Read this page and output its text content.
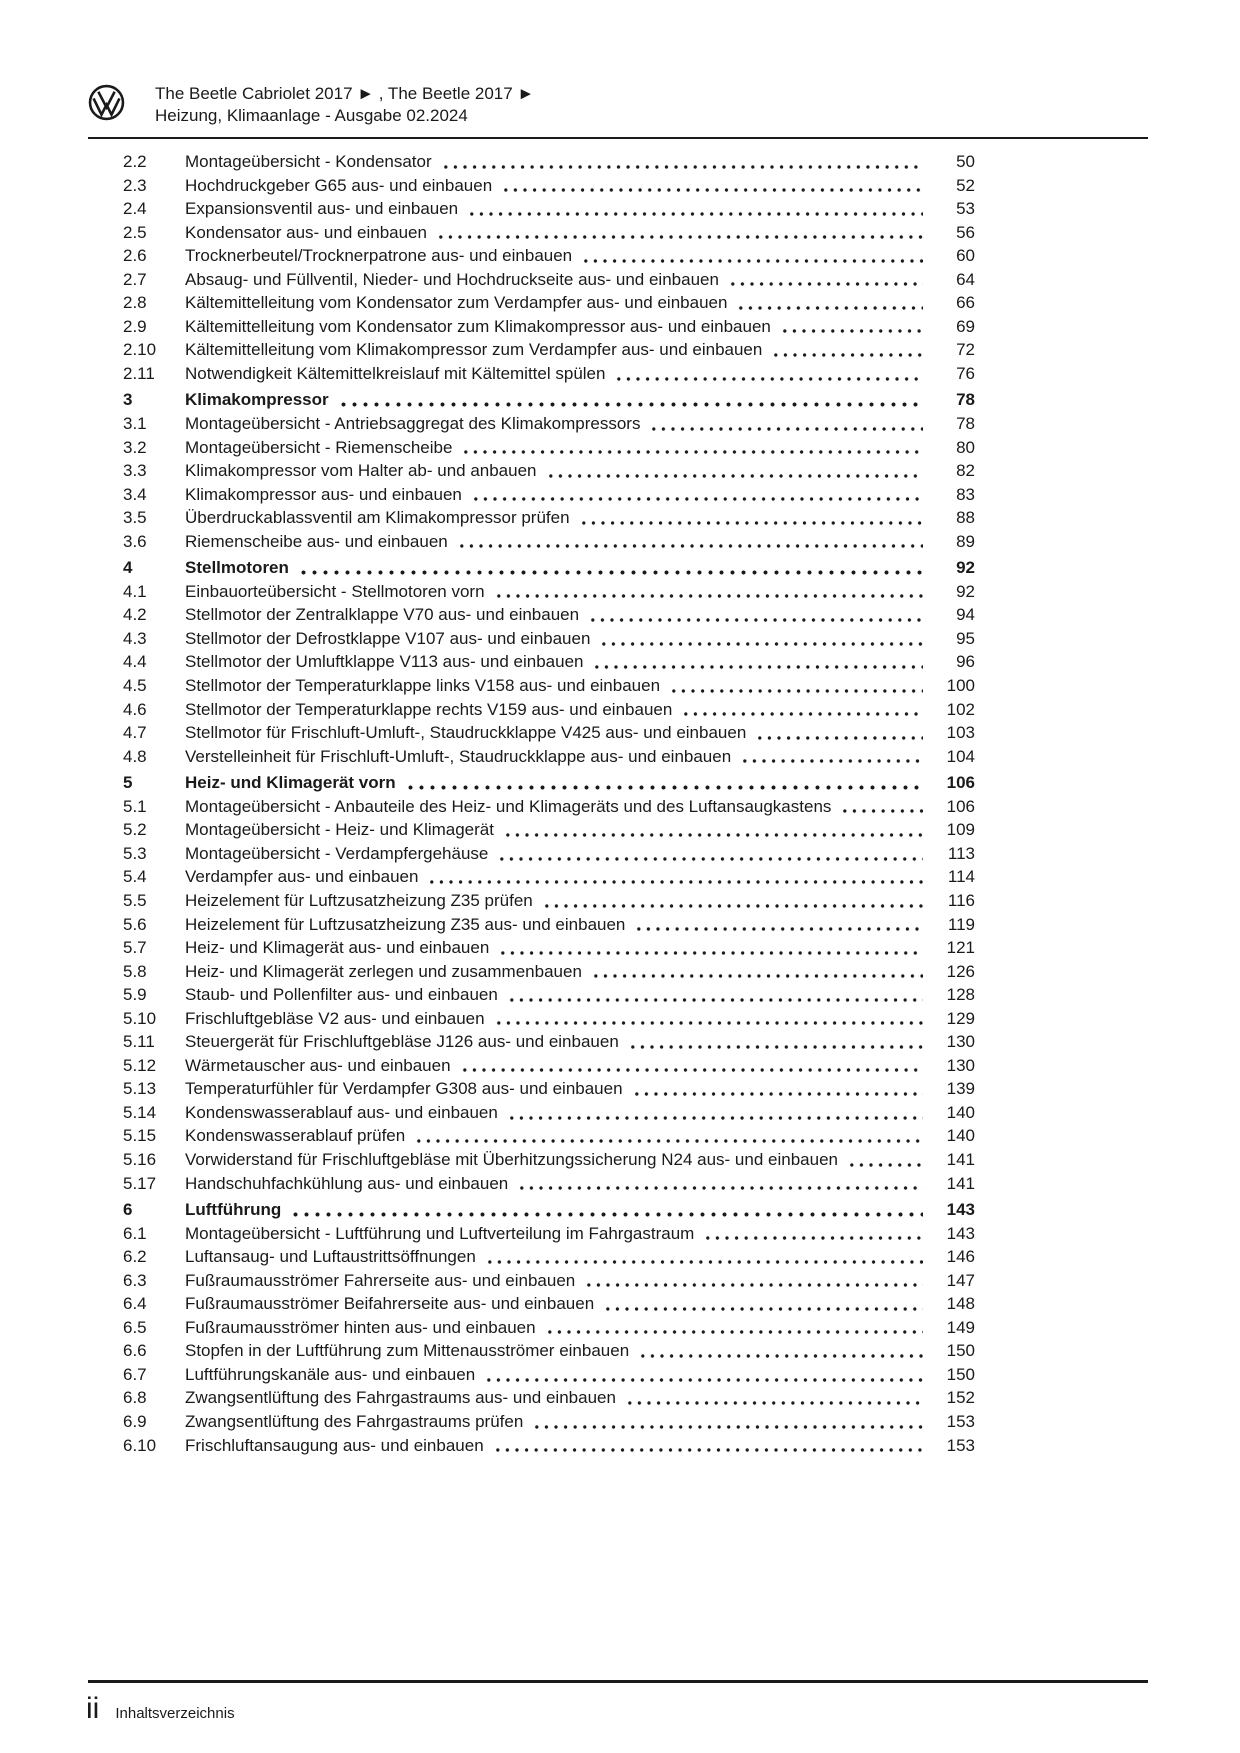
The Beetle Cabriolet 2017 ► , The Beetle 2017 ►
Heizung, Klimaanlage - Ausgabe 02.2024
2.2	Montageübersicht - Kondensator	50
2.3	Hochdruckgeber G65 aus- und einbauen	52
2.4	Expansionsventil aus- und einbauen	53
2.5	Kondensator aus- und einbauen	56
2.6	Trocknerbeutel/Trocknerpatrone aus- und einbauen	60
2.7	Absaug- und Füllventil, Nieder- und Hochdruckseite aus- und einbauen	64
2.8	Kältemittelleitung vom Kondensator zum Verdampfer aus- und einbauen	66
2.9	Kältemittelleitung vom Kondensator zum Klimakompressor aus- und einbauen	69
2.10	Kältemittelleitung vom Klimakompressor zum Verdampfer aus- und einbauen	72
2.11	Notwendigkeit Kältemittelkreislauf mit Kältemittel spülen	76
3	Klimakompressor	78
3.1	Montageübersicht - Antriebsaggregat des Klimakompressors	78
3.2	Montageübersicht - Riemenscheibe	80
3.3	Klimakompressor vom Halter ab- und anbauen	82
3.4	Klimakompressor aus- und einbauen	83
3.5	Überdruckablassventil am Klimakompressor prüfen	88
3.6	Riemenscheibe aus- und einbauen	89
4	Stellmotoren	92
4.1	Einbauorteübersicht - Stellmotoren vorn	92
4.2	Stellmotor der Zentralklappe V70 aus- und einbauen	94
4.3	Stellmotor der Defrostklappe V107 aus- und einbauen	95
4.4	Stellmotor der Umluftklappe V113 aus- und einbauen	96
4.5	Stellmotor der Temperaturklappe links V158 aus- und einbauen	100
4.6	Stellmotor der Temperaturklappe rechts V159 aus- und einbauen	102
4.7	Stellmotor für Frischluft-Umluft-, Staudruckklappe V425 aus- und einbauen	103
4.8	Verstelleinheit für Frischluft-Umluft-, Staudruckklappe aus- und einbauen	104
5	Heiz- und Klimagerät vorn	106
5.1	Montageübersicht - Anbauteile des Heiz- und Klimageräts und des Luftansaugkastens	106
5.2	Montageübersicht - Heiz- und Klimagerät	109
5.3	Montageübersicht - Verdampfergehäuse	113
5.4	Verdampfer aus- und einbauen	114
5.5	Heizelement für Luftzusatzheizung Z35 prüfen	116
5.6	Heizelement für Luftzusatzheizung Z35 aus- und einbauen	119
5.7	Heiz- und Klimagerät aus- und einbauen	121
5.8	Heiz- und Klimagerät zerlegen und zusammenbauen	126
5.9	Staub- und Pollenfilter aus- und einbauen	128
5.10	Frischluftgebläse V2 aus- und einbauen	129
5.11	Steuergerät für Frischluftgebläse J126 aus- und einbauen	130
5.12	Wärmetauscher aus- und einbauen	130
5.13	Temperaturfühler für Verdampfer G308 aus- und einbauen	139
5.14	Kondenswasserablauf aus- und einbauen	140
5.15	Kondenswasserablauf prüfen	140
5.16	Vorwiderstand für Frischluftgebläse mit Überhitzungssicherung N24 aus- und einbauen	141
5.17	Handschuhfachkühlung aus- und einbauen	141
6	Luftführung	143
6.1	Montageübersicht - Luftführung und Luftverteilung im Fahrgastraum	143
6.2	Luftansaug- und Luftaustrittsöffnungen	146
6.3	Fußraumausströmer Fahrerseite aus- und einbauen	147
6.4	Fußraumausströmer Beifahrerseite aus- und einbauen	148
6.5	Fußraumausströmer hinten aus- und einbauen	149
6.6	Stopfen in der Luftführung zum Mittenausströmer einbauen	150
6.7	Luftführungskanäle aus- und einbauen	150
6.8	Zwangsentlüftung des Fahrgastraums aus- und einbauen	152
6.9	Zwangsentlüftung des Fahrgastraums prüfen	153
6.10	Frischluftansaugung aus- und einbauen	153
ii Inhaltsverzeichnis
